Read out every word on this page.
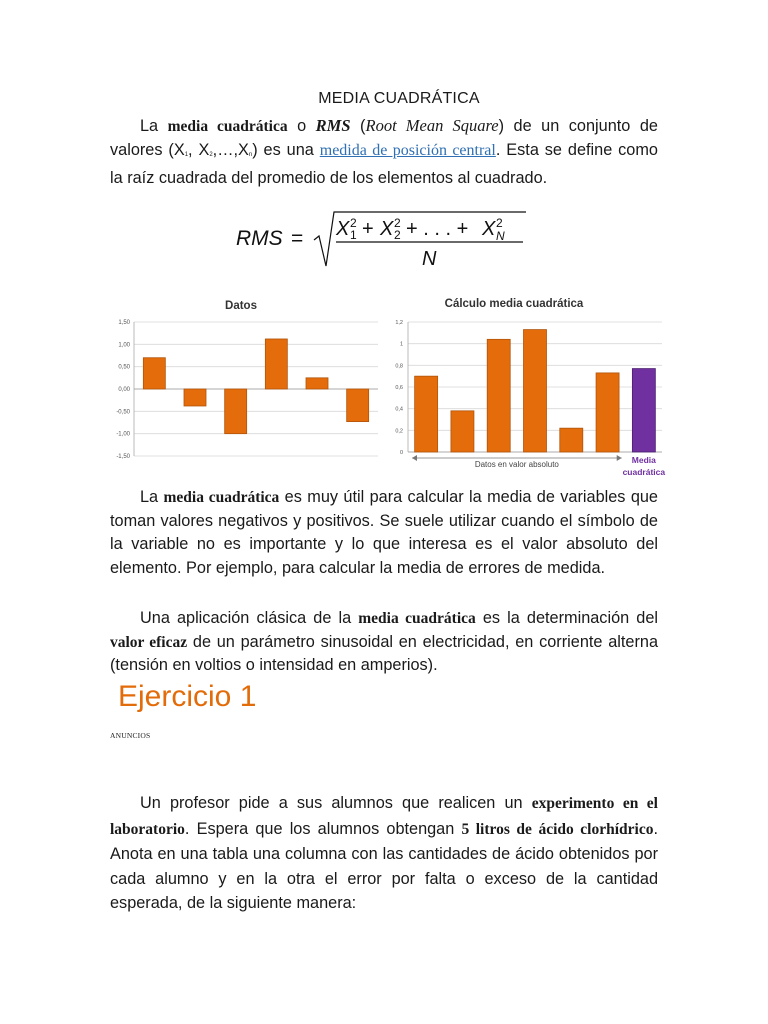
MEDIA CUADRÁTICA
La media cuadrática o RMS (Root Mean Square) de un conjunto de valores ($X_1$, $X_2,\dots,X_n$) es una medida de posición central. Esta se define como la raíz cuadrada del promedio de los elementos al cuadrado.
RMS = X 2
1 + X 2
2 + . . . + X 2
N
N
Datos
1,50
1,00
0,50
0,00
-0,50
-1,00
-1,50
Cálculo media cuadrática
1,2
1
0,8
0,6
0,4
0,2
0
Datos en valor absoluto	Media
cuadrática
La media cuadrática es muy útil para calcular la media de variables que toman valores negativos y positivos. Se suele utilizar cuando el símbolo de la variable no es importante y lo que interesa es el valor absoluto del elemento. Por ejemplo, para calcular la media de errores de medida.
Una aplicación clásica de la media cuadrática es la determinación del valor eficaz de un parámetro sinusoidal en electricidad, en corriente alterna (tensión en voltios o intensidad en amperios).
Ejercicio 1
ANUNCIOS
Un profesor pide a sus alumnos que realicen un experimento en el laboratorio. Espera que los alumnos obtengan 5 litros de ácido clorhídrico. Anota en una tabla una columna con las cantidades de ácido obtenidos por cada alumno y en la otra el error por falta o exceso de la cantidad esperada, de la siguiente manera:
